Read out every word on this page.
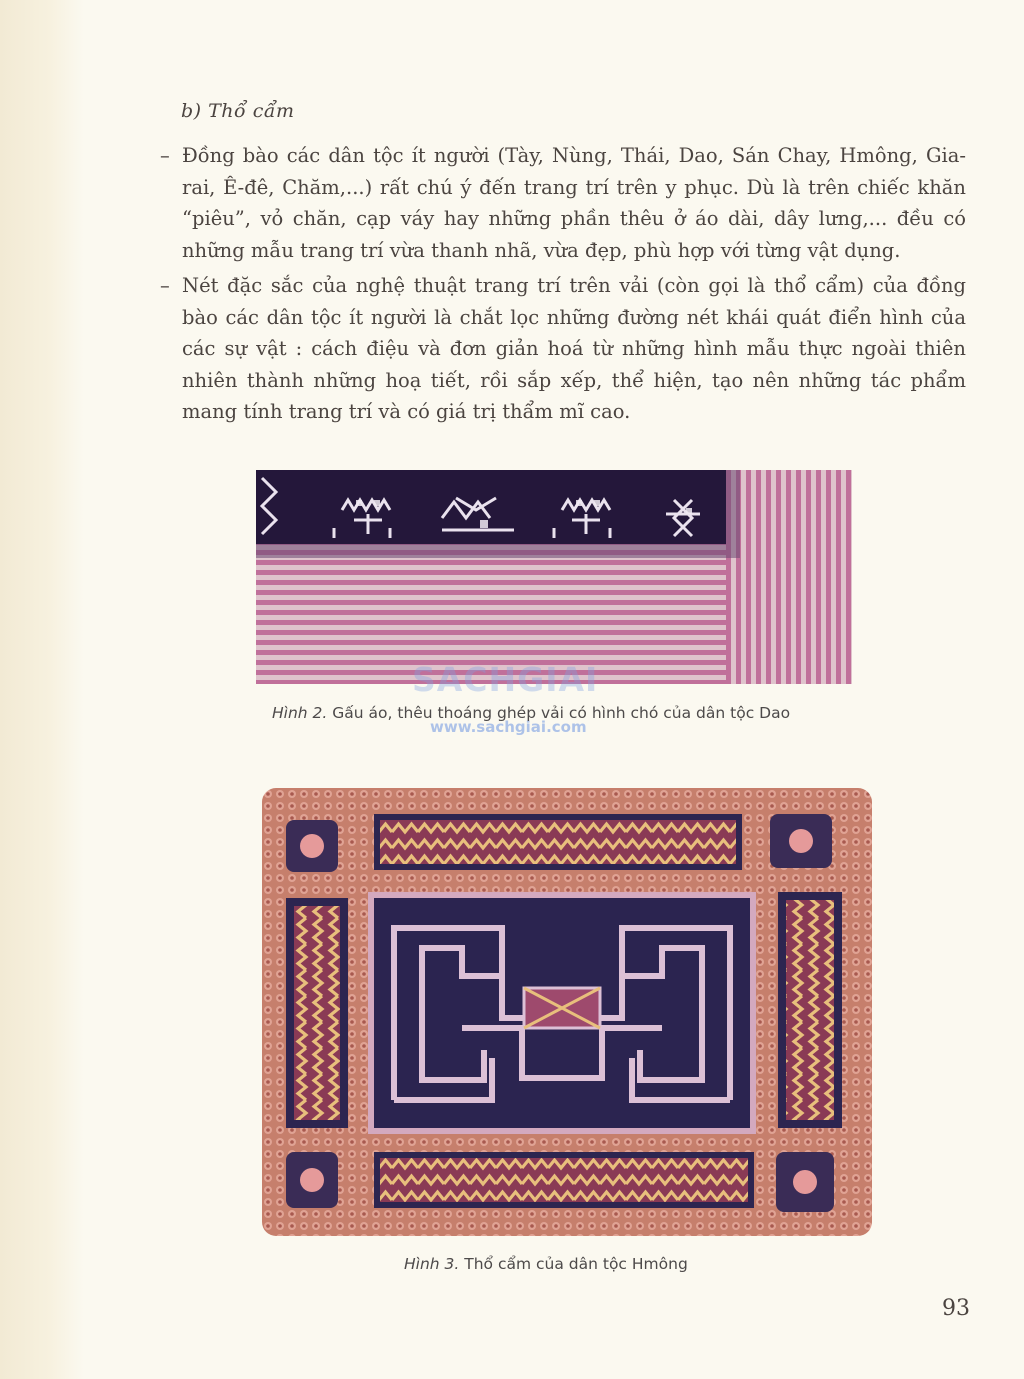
b) Thổ cẩm
– Đồng bào các dân tộc ít người (Tày, Nùng, Thái, Dao, Sán Chay, Hmông, Gia-rai, Ê-đê, Chăm,...) rất chú ý đến trang trí trên y phục. Dù là trên chiếc khăn “piêu”, vỏ chăn, cạp váy hay những phần thêu ở áo dài, dây lưng,... đều có những mẫu trang trí vừa thanh nhã, vừa đẹp, phù hợp với từng vật dụng.
– Nét đặc sắc của nghệ thuật trang trí trên vải (còn gọi là thổ cẩm) của đồng bào các dân tộc ít người là chắt lọc những đường nét khái quát điển hình của các sự vật : cách điệu và đơn giản hoá từ những hình mẫu thực ngoài thiên nhiên thành những hoạ tiết, rồi sắp xếp, thể hiện, tạo nên những tác phẩm mang tính trang trí và có giá trị thẩm mĩ cao.
SACHGIAI
www.sachgiai.com
Hình 2. Gấu áo, thêu thoáng ghép vải có hình chó của dân tộc Dao
Hình 3. Thổ cẩm của dân tộc Hmông
93
